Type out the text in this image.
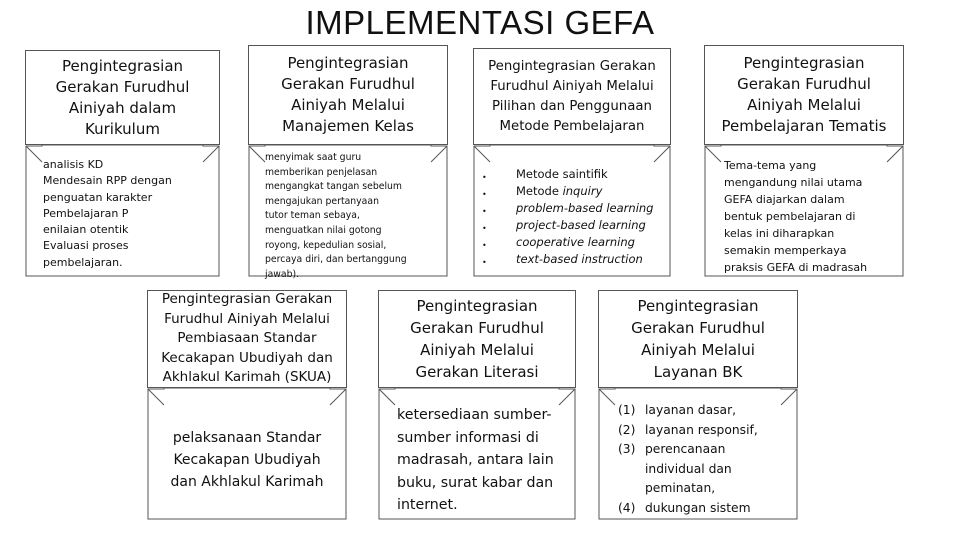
IMPLEMENTASI GEFA
Pengintegrasian Gerakan Furudhul Ainiyah dalam Kurikulum
analisis KD
Mendesain RPP dengan
penguatan karakter
Pembelajaran P
enilaian otentik
Evaluasi proses
pembelajaran.
Pengintegrasian Gerakan Furudhul Ainiyah Melalui Manajemen Kelas
menyimak saat guru
memberikan penjelasan
mengangkat tangan sebelum
mengajukan pertanyaan
tutor teman sebaya,
menguatkan nilai gotong
royong, kepedulian sosial,
percaya diri, dan bertanggung
jawab).
Pengintegrasian Gerakan Furudhul Ainiyah Melalui Pilihan dan Penggunaan Metode Pembelajaran
• Metode saintifik
• Metode inquiry
• problem-based learning
• project-based learning
• cooperative learning
• text-based instruction
Pengintegrasian Gerakan Furudhul Ainiyah Melalui Pembelajaran Tematis
Tema-tema yang
mengandung nilai utama
GEFA diajarkan dalam
bentuk pembelajaran di
kelas ini diharapkan
semakin memperkaya
praksis GEFA di madrasah
Pengintegrasian Gerakan Furudhul Ainiyah Melalui Pembiasaan Standar Kecakapan Ubudiyah dan Akhlakul Karimah (SKUA)
pelaksanaan Standar Kecakapan Ubudiyah dan Akhlakul Karimah
Pengintegrasian Gerakan Furudhul Ainiyah Melalui Gerakan Literasi
ketersediaan sumber-sumber informasi di madrasah, antara lain buku, surat kabar dan internet.
Pengintegrasian Gerakan Furudhul Ainiyah Melalui Layanan BK
(1) layanan dasar,
(2) layanan responsif,
(3) perencanaan individual dan peminatan,
(4) dukungan sistem
